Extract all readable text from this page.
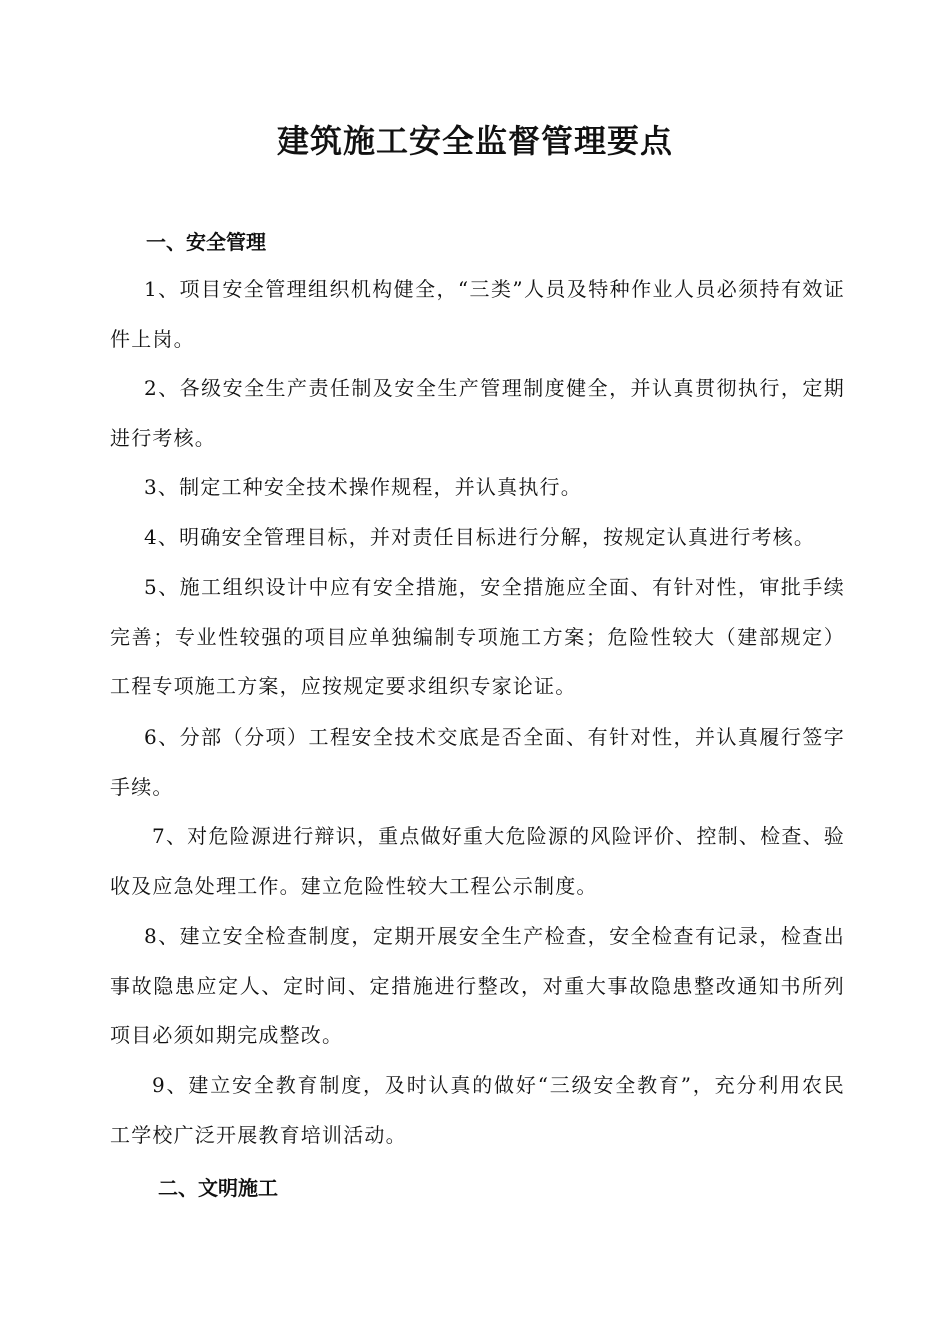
建筑施工安全监督管理要点
一、安全管理
1、项目安全管理组织机构健全，“三类”人员及特种作业人员必须持有效证件上岗。
2、各级安全生产责任制及安全生产管理制度健全，并认真贯彻执行，定期进行考核。
3、制定工种安全技术操作规程，并认真执行。
4、明确安全管理目标，并对责任目标进行分解，按规定认真进行考核。
5、施工组织设计中应有安全措施，安全措施应全面、有针对性，审批手续完善；专业性较强的项目应单独编制专项施工方案；危险性较大（建部规定）工程专项施工方案，应按规定要求组织专家论证。
6、分部（分项）工程安全技术交底是否全面、有针对性，并认真履行签字手续。
7、对危险源进行辩识，重点做好重大危险源的风险评价、控制、检查、验收及应急处理工作。建立危险性较大工程公示制度。
8、建立安全检查制度，定期开展安全生产检查，安全检查有记录，检查出事故隐患应定人、定时间、定措施进行整改，对重大事故隐患整改通知书所列项目必须如期完成整改。
9、建立安全教育制度，及时认真的做好“三级安全教育”，充分利用农民工学校广泛开展教育培训活动。
二、文明施工
